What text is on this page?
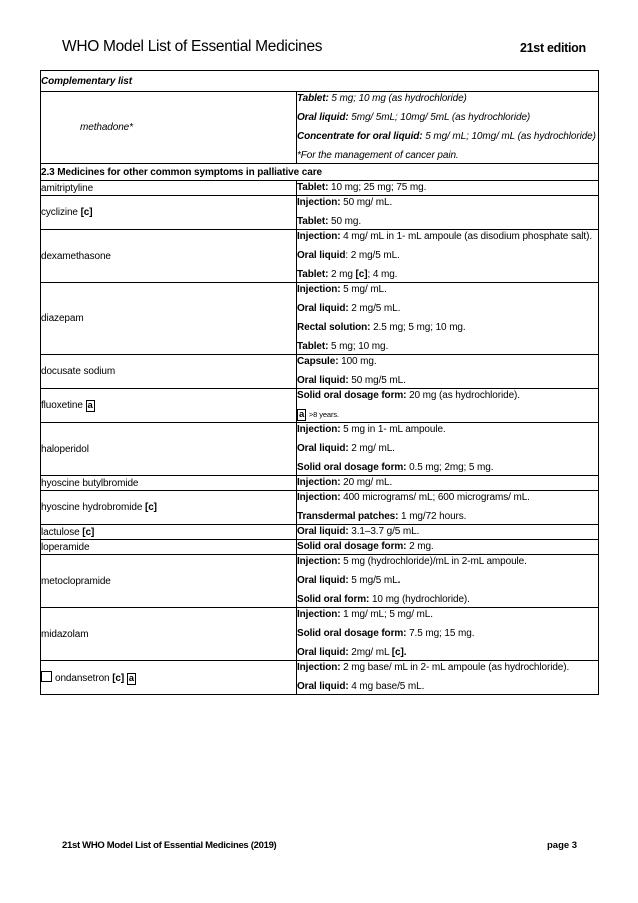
WHO Model List of Essential Medicines	21st edition
Complementary list	
methadone*	Tablet: 5 mg; 10 mg (as hydrochloride)
Oral liquid: 5mg/ 5mL; 10mg/ 5mL (as hydrochloride)
Concentrate for oral liquid: 5 mg/ mL; 10mg/ mL (as hydrochloride)
*For the management of cancer pain.

2.3 Medicines for other common symptoms in palliative care	
amitriptyline	Tablet: 10 mg; 25 mg; 75 mg.

cyclizine [c]	Injection: 50 mg/ mL.
Tablet: 50 mg.

dexamethasone	Injection: 4 mg/ mL in 1- mL ampoule (as disodium phosphate salt).
Oral liquid: 2 mg/5 mL.
Tablet: 2 mg [c]; 4 mg.

diazepam	Injection: 5 mg/ mL.
Oral liquid: 2 mg/5 mL.
Rectal solution: 2.5 mg; 5 mg; 10 mg.
Tablet: 5 mg; 10 mg.

docusate sodium	Capsule: 100 mg.
Oral liquid: 50 mg/5 mL.

fluoxetine a	Solid oral dosage form: 20 mg (as hydrochloride).
a >8 years.

haloperidol	Injection: 5 mg in 1- mL ampoule.
Oral liquid: 2 mg/ mL.
Solid oral dosage form: 0.5 mg; 2mg; 5 mg.

hyoscine butylbromide	Injection: 20 mg/ mL.

hyoscine hydrobromide [c]	Injection: 400 micrograms/ mL; 600 micrograms/ mL.
Transdermal patches: 1 mg/72 hours.

lactulose [c]	Oral liquid: 3.1–3.7 g/5 mL.

loperamide	Solid oral dosage form: 2 mg.

metoclopramide	Injection: 5 mg (hydrochloride)/mL in 2-mL ampoule.
Oral liquid: 5 mg/5 mL.
Solid oral form: 10 mg (hydrochloride).

midazolam	Injection: 1 mg/ mL; 5 mg/ mL.
Solid oral dosage form: 7.5 mg; 15 mg.
Oral liquid: 2mg/ mL [c].

ondansetron [c] a	Injection: 2 mg base/ mL in 2- mL ampoule (as hydrochloride).
Oral liquid: 4 mg base/5 mL.
21st WHO Model List of Essential Medicines (2019)	page 3
